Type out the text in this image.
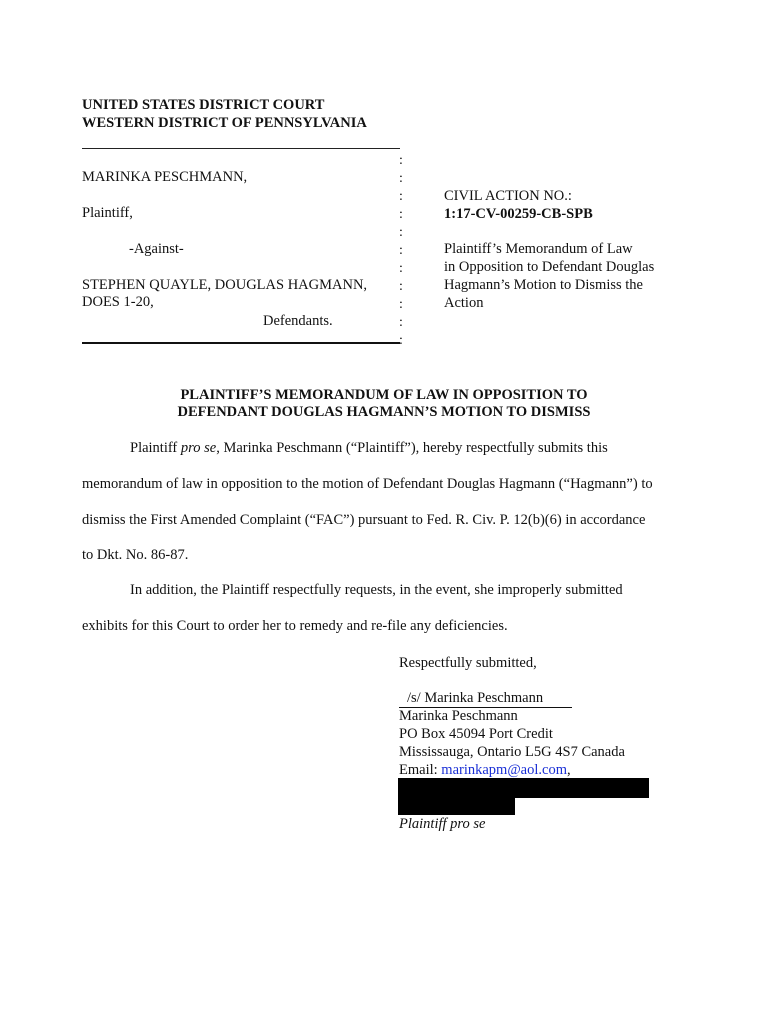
UNITED STATES DISTRICT COURT
WESTERN DISTRICT OF PENNSYLVANIA
:
:
:
:
:
:
:
:
:
:
:
MARINKA PESCHMANN,
Plaintiff,
-Against-
STEPHEN QUAYLE, DOUGLAS HAGMANN,
DOES 1-20,
Defendants.
CIVIL ACTION NO.:
1:17-CV-00259-CB-SPB
Plaintiff’s Memorandum of Law
in Opposition to Defendant Douglas
Hagmann’s Motion to Dismiss the
Action
PLAINTIFF’S MEMORANDUM OF LAW IN OPPOSITION TO
DEFENDANT DOUGLAS HAGMANN’S MOTION TO DISMISS
Plaintiff pro se, Marinka Peschmann (“Plaintiff”), hereby respectfully submits this
memorandum of law in opposition to the motion of Defendant Douglas Hagmann (“Hagmann”) to
dismiss the First Amended Complaint (“FAC”) pursuant to Fed. R. Civ. P. 12(b)(6) in accordance
to Dkt. No. 86-87.
In addition, the Plaintiff respectfully requests, in the event, she improperly submitted
exhibits for this Court to order her to remedy and re-file any deficiencies.
Respectfully submitted,
/s/ Marinka Peschmann
Marinka Peschmann
PO Box 45094 Port Credit
Mississauga, Ontario L5G 4S7 Canada
Email: marinkapm@aol.com,
Plaintiff pro se
